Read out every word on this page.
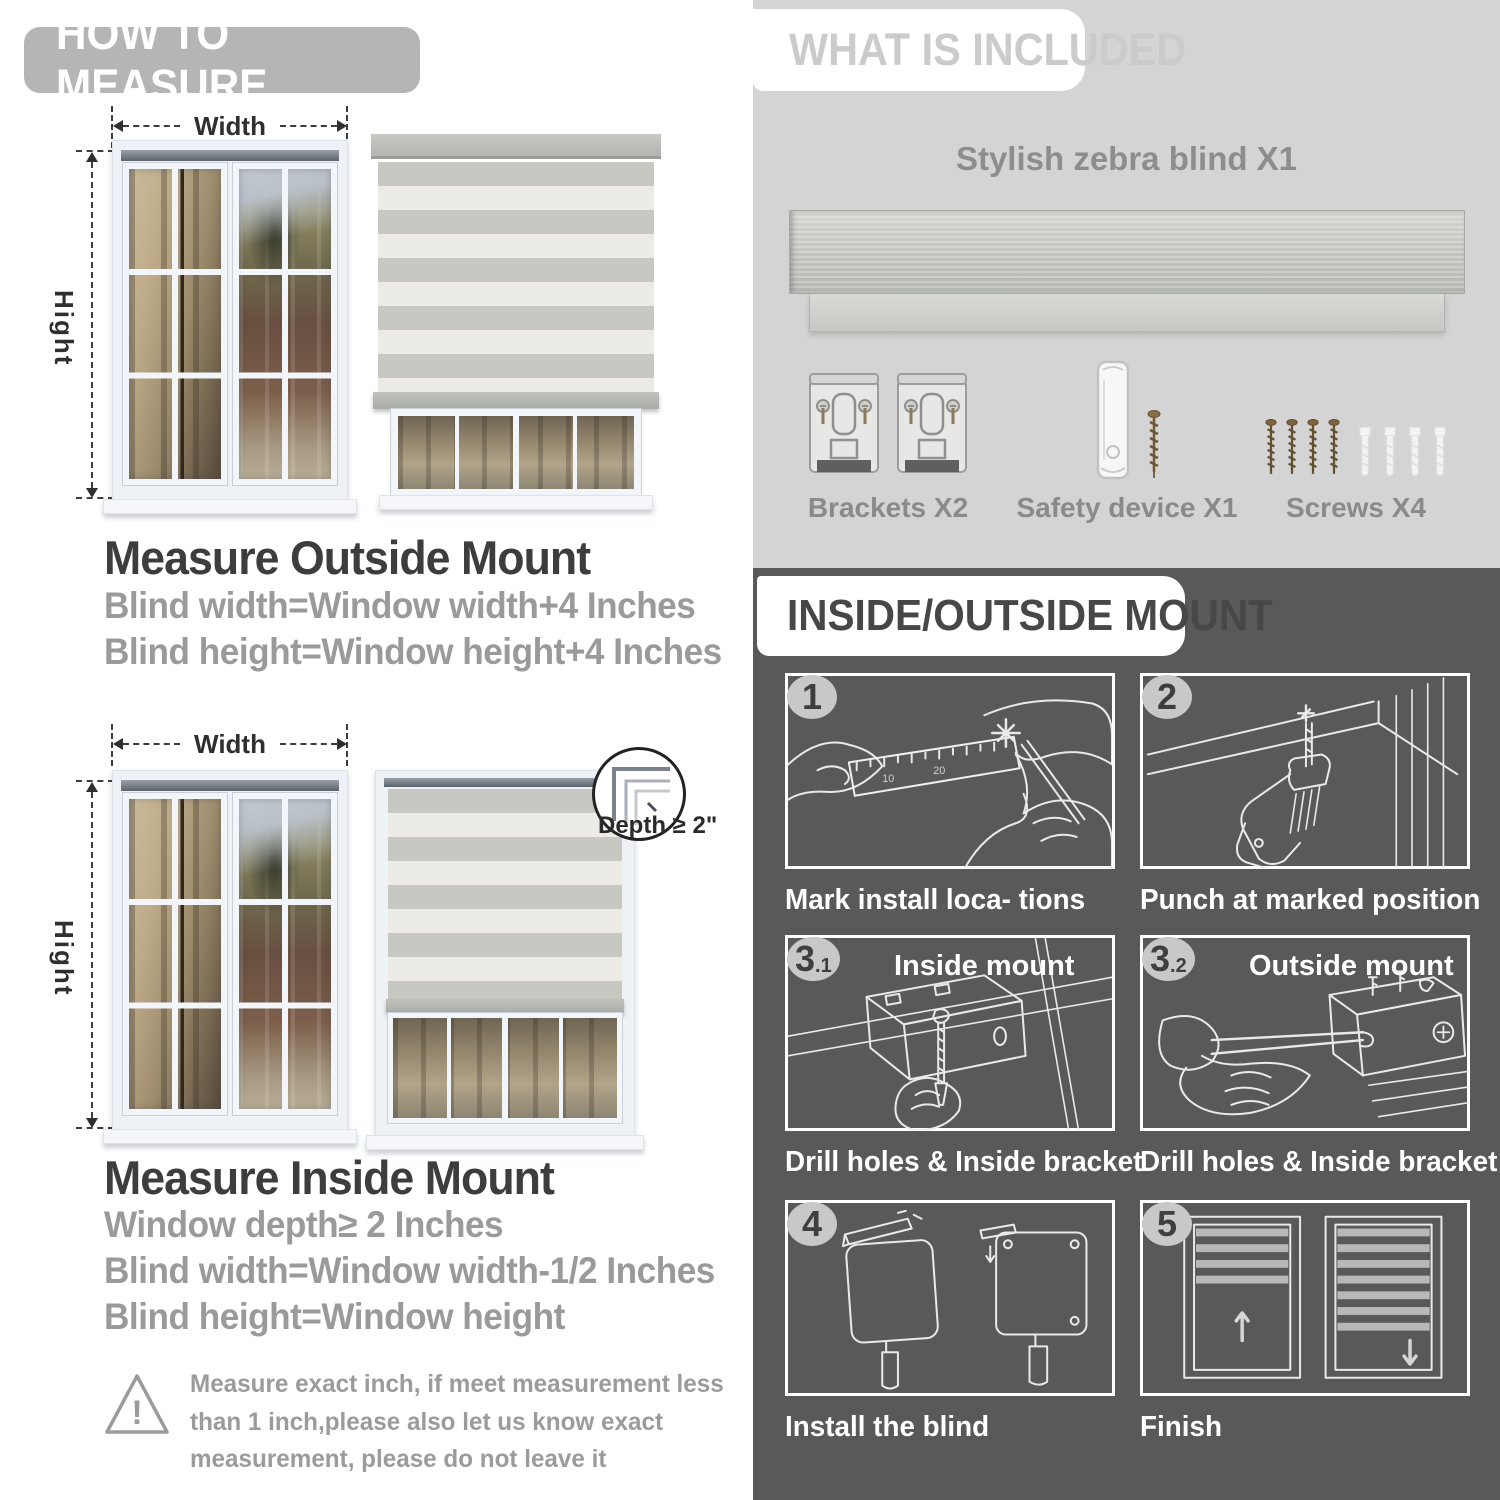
HOW TO MEASURE
Width
Hight
Measure Outside Mount
Blind width=Window width+4 Inches
Blind height=Window height+4 Inches
Width
Hight
Depth ≥ 2"
Measure Inside Mount
Window depth≥ 2 Inches
Blind width=Window width-1/2 Inches
Blind height=Window height
!
Measure exact inch, if meet measurement less
than 1 inch,please also let us know exact
measurement, please do not leave it
WHAT IS INCLUDED
Stylish zebra blind X1
Brackets X2	Safety device X1	Screws X4
INSIDE/OUTSIDE MOUNT
10
20
Mark install loca- tions
1
Punch at marked position
2
Inside mount
Drill holes & Inside bracket
3 .1	Outside mount
Drill holes & Inside bracket
3 .2
Install the blind
4
Finish
5
